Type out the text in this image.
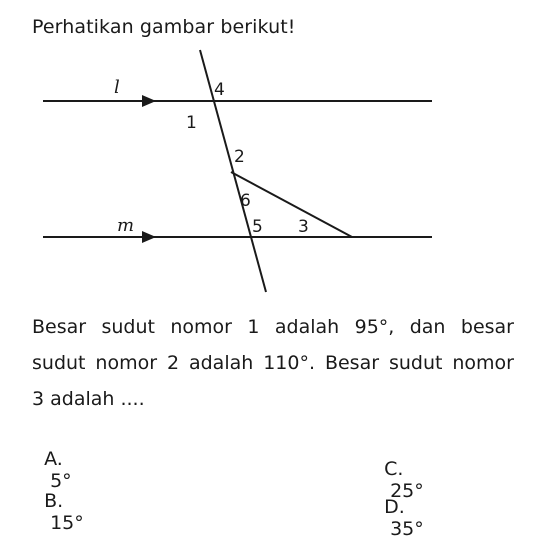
Perhatikan gambar berikut!
l
m
4
1
2
6
5 3

Besar sudut nomor 1 adalah 95°, dan besar
sudut nomor 2 adalah 110°. Besar sudut nomor
3 adalah ....

A.
5°

B.
15°

C.
25°

D.
35°
